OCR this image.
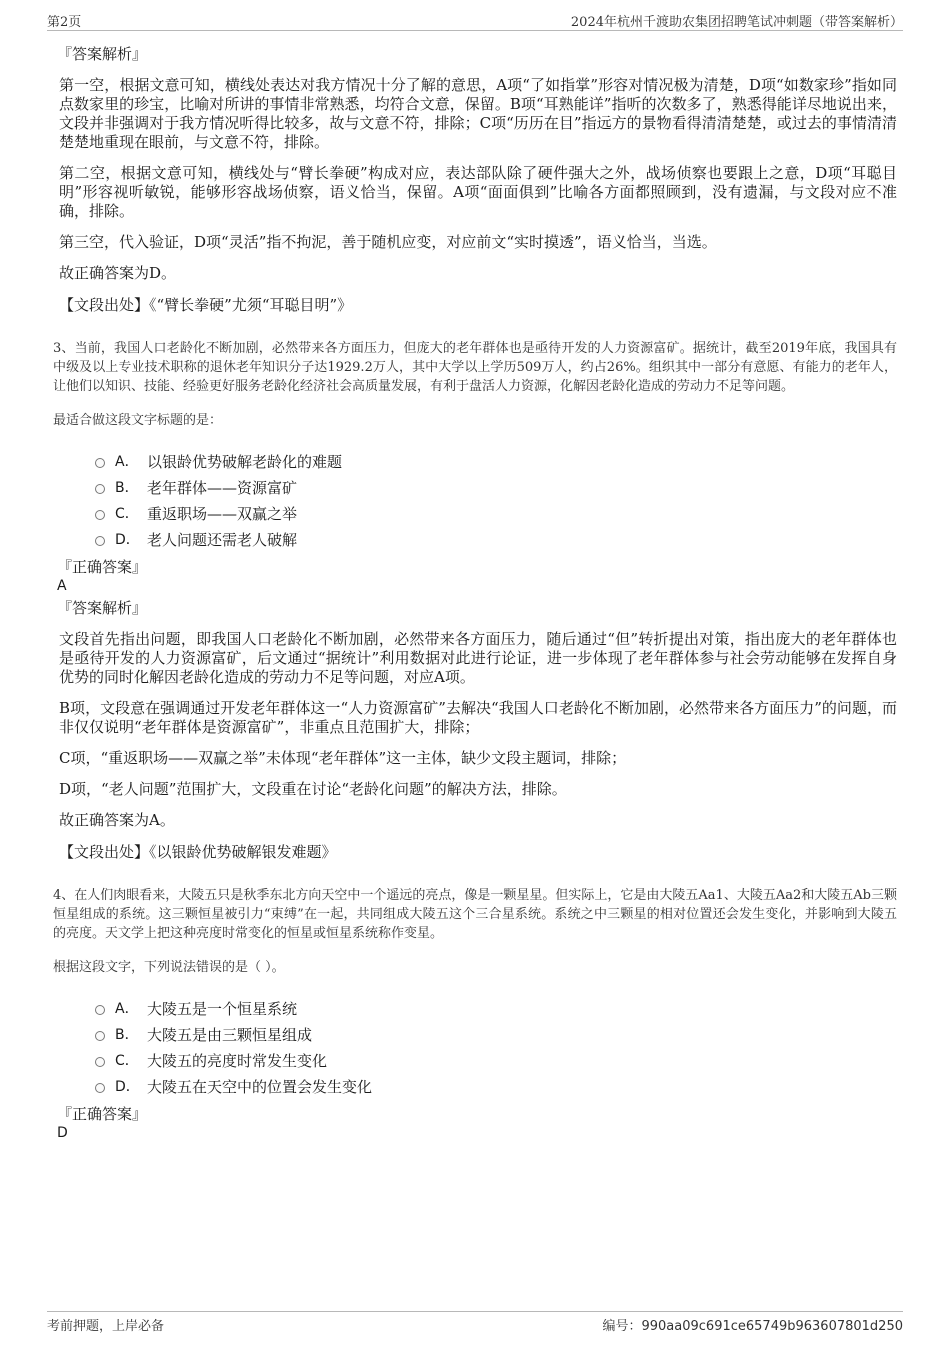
第2页	2024年杭州千渡助农集团招聘笔试冲刺题（带答案解析）
『答案解析』

第一空，根据文意可知，横线处表达对我方情况十分了解的意思，A项“了如指掌”形容对情况极为清楚，D项“如数家珍”指如同点数家里的珍宝，比喻对所讲的事情非常熟悉，均符合文意，保留。B项“耳熟能详”指听的次数多了，熟悉得能详尽地说出来，文段并非强调对于我方情况听得比较多，故与文意不符，排除；C项“历历在目”指远方的景物看得清清楚楚，或过去的事情清清楚楚地重现在眼前，与文意不符，排除。

第二空，根据文意可知，横线处与“臂长拳硬”构成对应，表达部队除了硬件强大之外，战场侦察也要跟上之意，D项“耳聪目明”形容视听敏锐，能够形容战场侦察，语义恰当，保留。A项“面面俱到”比喻各方面都照顾到，没有遗漏，与文段对应不准确，排除。

第三空，代入验证，D项“灵活”指不拘泥，善于随机应变，对应前文“实时摸透”，语义恰当，当选。

故正确答案为D。

【文段出处】《“臂长拳硬”尤须“耳聪目明”》

3、当前，我国人口老龄化不断加剧，必然带来各方面压力，但庞大的老年群体也是亟待开发的人力资源富矿。据统计，截至2019年底，我国具有中级及以上专业技术职称的退休老年知识分子达1929.2万人，其中大学以上学历509万人，约占26%。组织其中一部分有意愿、有能力的老年人，让他们以知识、技能、经验更好服务老龄化经济社会高质量发展，有利于盘活人力资源，化解因老龄化造成的劳动力不足等问题。

最适合做这段文字标题的是：

A． 以银龄优势破解老龄化的难题
B． 老年群体——资源富矿
C． 重返职场——双赢之举
D． 老人问题还需老人破解
『正确答案』
A
『答案解析』

文段首先指出问题，即我国人口老龄化不断加剧，必然带来各方面压力，随后通过“但”转折提出对策，指出庞大的老年群体也是亟待开发的人力资源富矿，后文通过“据统计”利用数据对此进行论证，进一步体现了老年群体参与社会劳动能够在发挥自身优势的同时化解因老龄化造成的劳动力不足等问题，对应A项。

B项，文段意在强调通过开发老年群体这一“人力资源富矿”去解决“我国人口老龄化不断加剧，必然带来各方面压力”的问题，而非仅仅说明“老年群体是资源富矿”，非重点且范围扩大，排除；

C项，“重返职场——双赢之举”未体现“老年群体”这一主体，缺少文段主题词，排除；

D项，“老人问题”范围扩大，文段重在讨论“老龄化问题”的解决方法，排除。

故正确答案为A。

【文段出处】《以银龄优势破解银发难题》

4、在人们肉眼看来，大陵五只是秋季东北方向天空中一个遥远的亮点，像是一颗星星。但实际上，它是由大陵五Aa1、大陵五Aa2和大陵五Ab三颗恒星组成的系统。这三颗恒星被引力“束缚”在一起，共同组成大陵五这个三合星系统。系统之中三颗星的相对位置还会发生变化，并影响到大陵五的亮度。天文学上把这种亮度时常变化的恒星或恒星系统称作变星。

根据这段文字，下列说法错误的是（ ）。

A． 大陵五是一个恒星系统
B． 大陵五是由三颗恒星组成
C． 大陵五的亮度时常发生变化
D． 大陵五在天空中的位置会发生变化
『正确答案』
D
考前押题，上岸必备	编号：990aa09c691ce65749b963607801d250
